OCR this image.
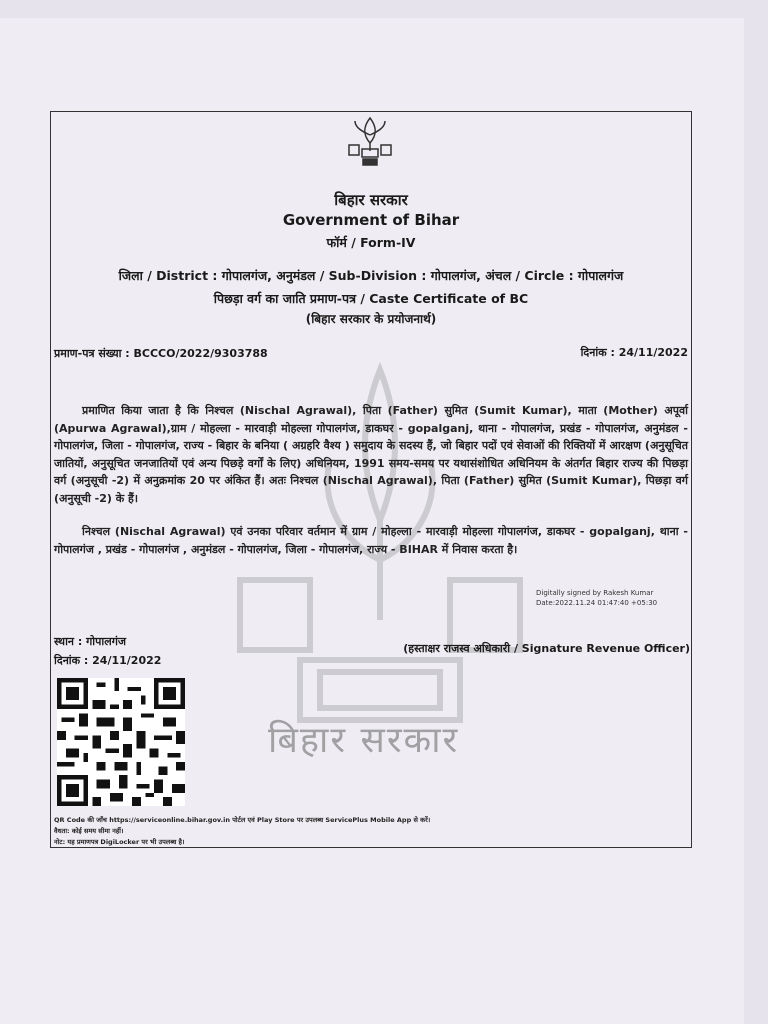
बिहार सरकार
बिहार सरकार
Government of Bihar
फॉर्म / Form-IV
जिला / District : गोपालगंज, अनुमंडल / Sub-Division : गोपालगंज, अंचल / Circle : गोपालगंज
पिछड़ा वर्ग का जाति प्रमाण-पत्र / Caste Certificate of BC
(बिहार सरकार के प्रयोजनार्थ)
प्रमाण-पत्र संख्या : BCCCO/2022/9303788	दिनांक : 24/11/2022
प्रमाणित किया जाता है कि निश्चल (Nischal Agrawal), पिता (Father) सुमित (Sumit Kumar), माता (Mother) अपूर्वा (Apurwa Agrawal),ग्राम / मोहल्ला - मारवाड़ी मोहल्ला गोपालगंज, डाकघर - gopalganj, थाना - गोपालगंज, प्रखंड - गोपालगंज, अनुमंडल - गोपालगंज, जिला - गोपालगंज, राज्य - बिहार के बनिया ( अग्रहरि वैश्य ) समुदाय के सदस्य हैं, जो बिहार पदों एवं सेवाओं की रिक्तियों में आरक्षण (अनुसूचित जातियों, अनुसूचित जनजातियों एवं अन्य पिछड़े वर्गों के लिए) अधिनियम, 1991 समय-समय पर यथासंशोधित अधिनियम के अंतर्गत बिहार राज्य की पिछड़ा वर्ग (अनुसूची -2) में अनुक्रमांक 20 पर अंकित हैं। अतः निश्चल (Nischal Agrawal), पिता (Father) सुमित (Sumit Kumar), पिछड़ा वर्ग (अनुसूची -2) के हैं।
निश्चल (Nischal Agrawal) एवं उनका परिवार वर्तमान में ग्राम / मोहल्ला - मारवाड़ी मोहल्ला गोपालगंज, डाकघर - gopalganj, थाना - गोपालगंज , प्रखंड - गोपालगंज , अनुमंडल - गोपालगंज, जिला - गोपालगंज, राज्य - BIHAR में निवास करता है।
Digitally signed by Rakesh Kumar
Date:2022.11.24 01:47:40 +05:30
स्थान : गोपालगंज
दिनांक : 24/11/2022
(हस्ताक्षर राजस्व अधिकारी / Signature Revenue Officer)
QR Code की जाँच https://serviceonline.bihar.gov.in पोर्टल एवं Play Store पर उपलब्ध ServicePlus Mobile App से करें।
वैधता: कोई समय सीमा नहीं।
नोट: यह प्रमाणपत्र DigiLocker पर भी उपलब्ध है।
